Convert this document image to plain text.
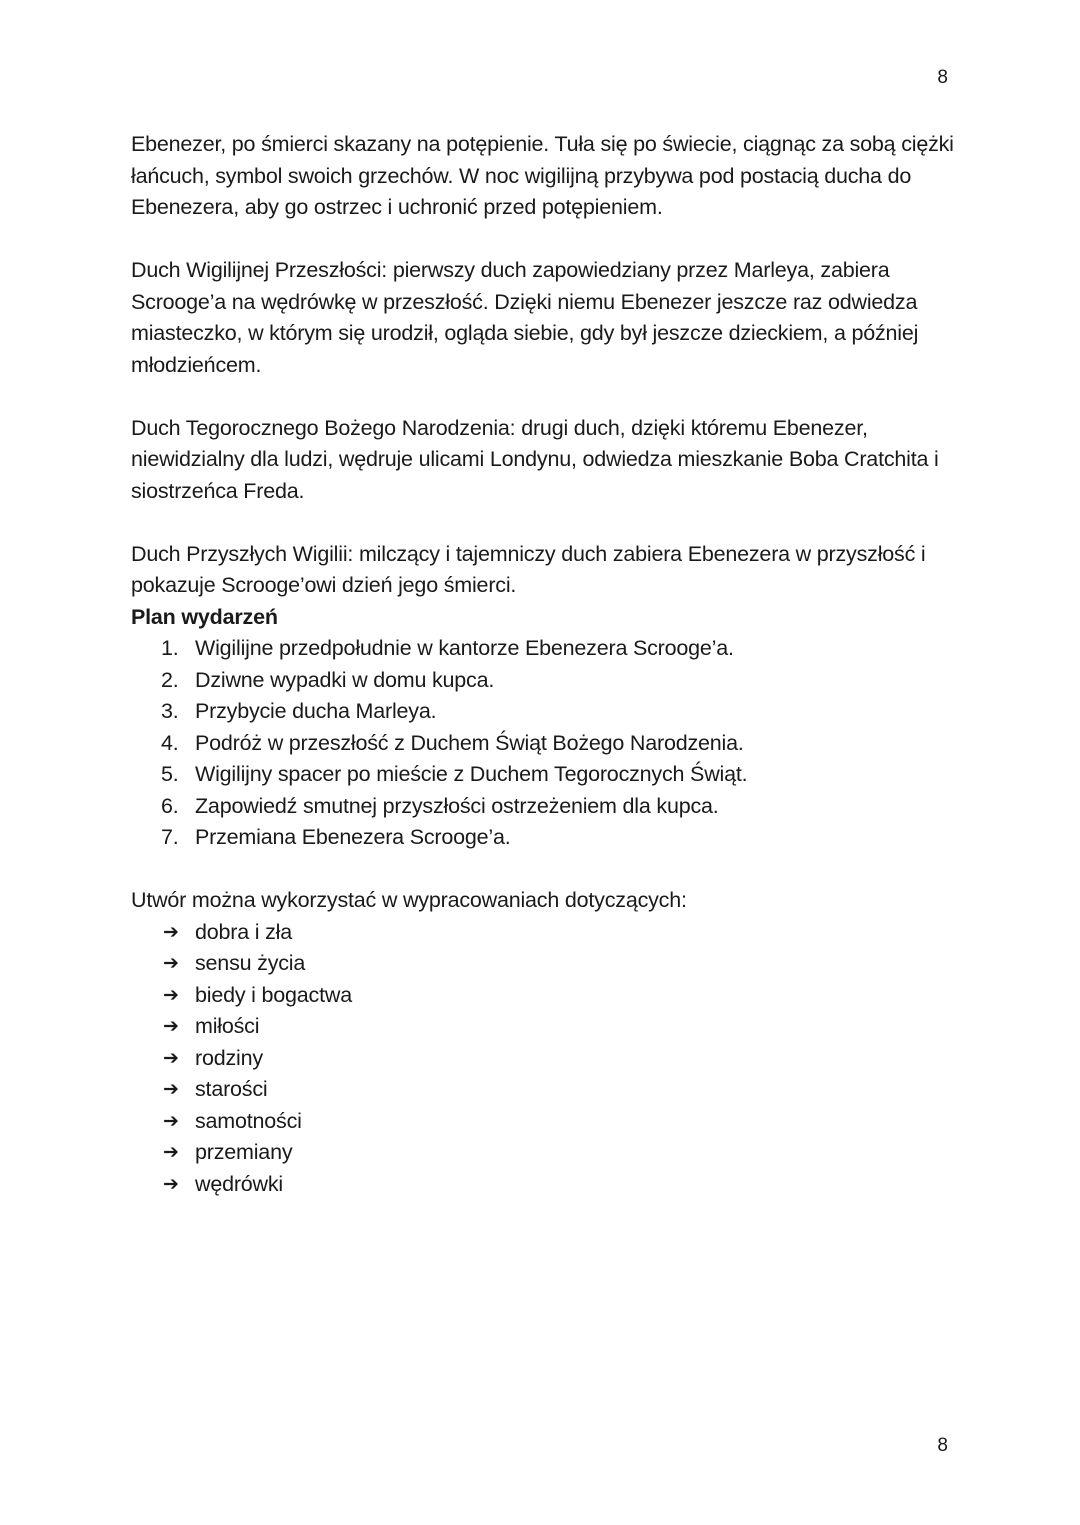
8

Ebenezer, po śmierci skazany na potępienie. Tuła się po świecie, ciągnąc za sobą ciężki łańcuch, symbol swoich grzechów. W noc wigilijną przybywa pod postacią ducha do Ebenezera, aby go ostrzec i uchronić przed potępieniem.

Duch Wigilijnej Przeszłości: pierwszy duch zapowiedziany przez Marleya, zabiera Scrooge’a na wędrówkę w przeszłość. Dzięki niemu Ebenezer jeszcze raz odwiedza miasteczko, w którym się urodził, ogląda siebie, gdy był jeszcze dzieckiem, a później młodzieńcem.

Duch Tegorocznego Bożego Narodzenia: drugi duch, dzięki któremu Ebenezer, niewidzialny dla ludzi, wędruje ulicami Londynu, odwiedza mieszkanie Boba Cratchita i siostrzeńca Freda.

Duch Przyszłych Wigilii: milczący i tajemniczy duch zabiera Ebenezera w przyszłość i pokazuje Scrooge’owi dzień jego śmierci.

Plan wydarzeń

1. Wigilijne przedpołudnie w kantorze Ebenezera Scrooge’a.
2. Dziwne wypadki w domu kupca.
3. Przybycie ducha Marleya.
4. Podróż w przeszłość z Duchem Świąt Bożego Narodzenia.
5. Wigilijny spacer po mieście z Duchem Tegorocznych Świąt.
6. Zapowiedź smutnej przyszłości ostrzeżeniem dla kupca.
7. Przemiana Ebenezera Scrooge’a.

Utwór można wykorzystać w wypracowaniach dotyczących:

➔ dobra i zła
➔ sensu życia
➔ biedy i bogactwa
➔ miłości
➔ rodziny
➔ starości
➔ samotności
➔ przemiany
➔ wędrówki
8
